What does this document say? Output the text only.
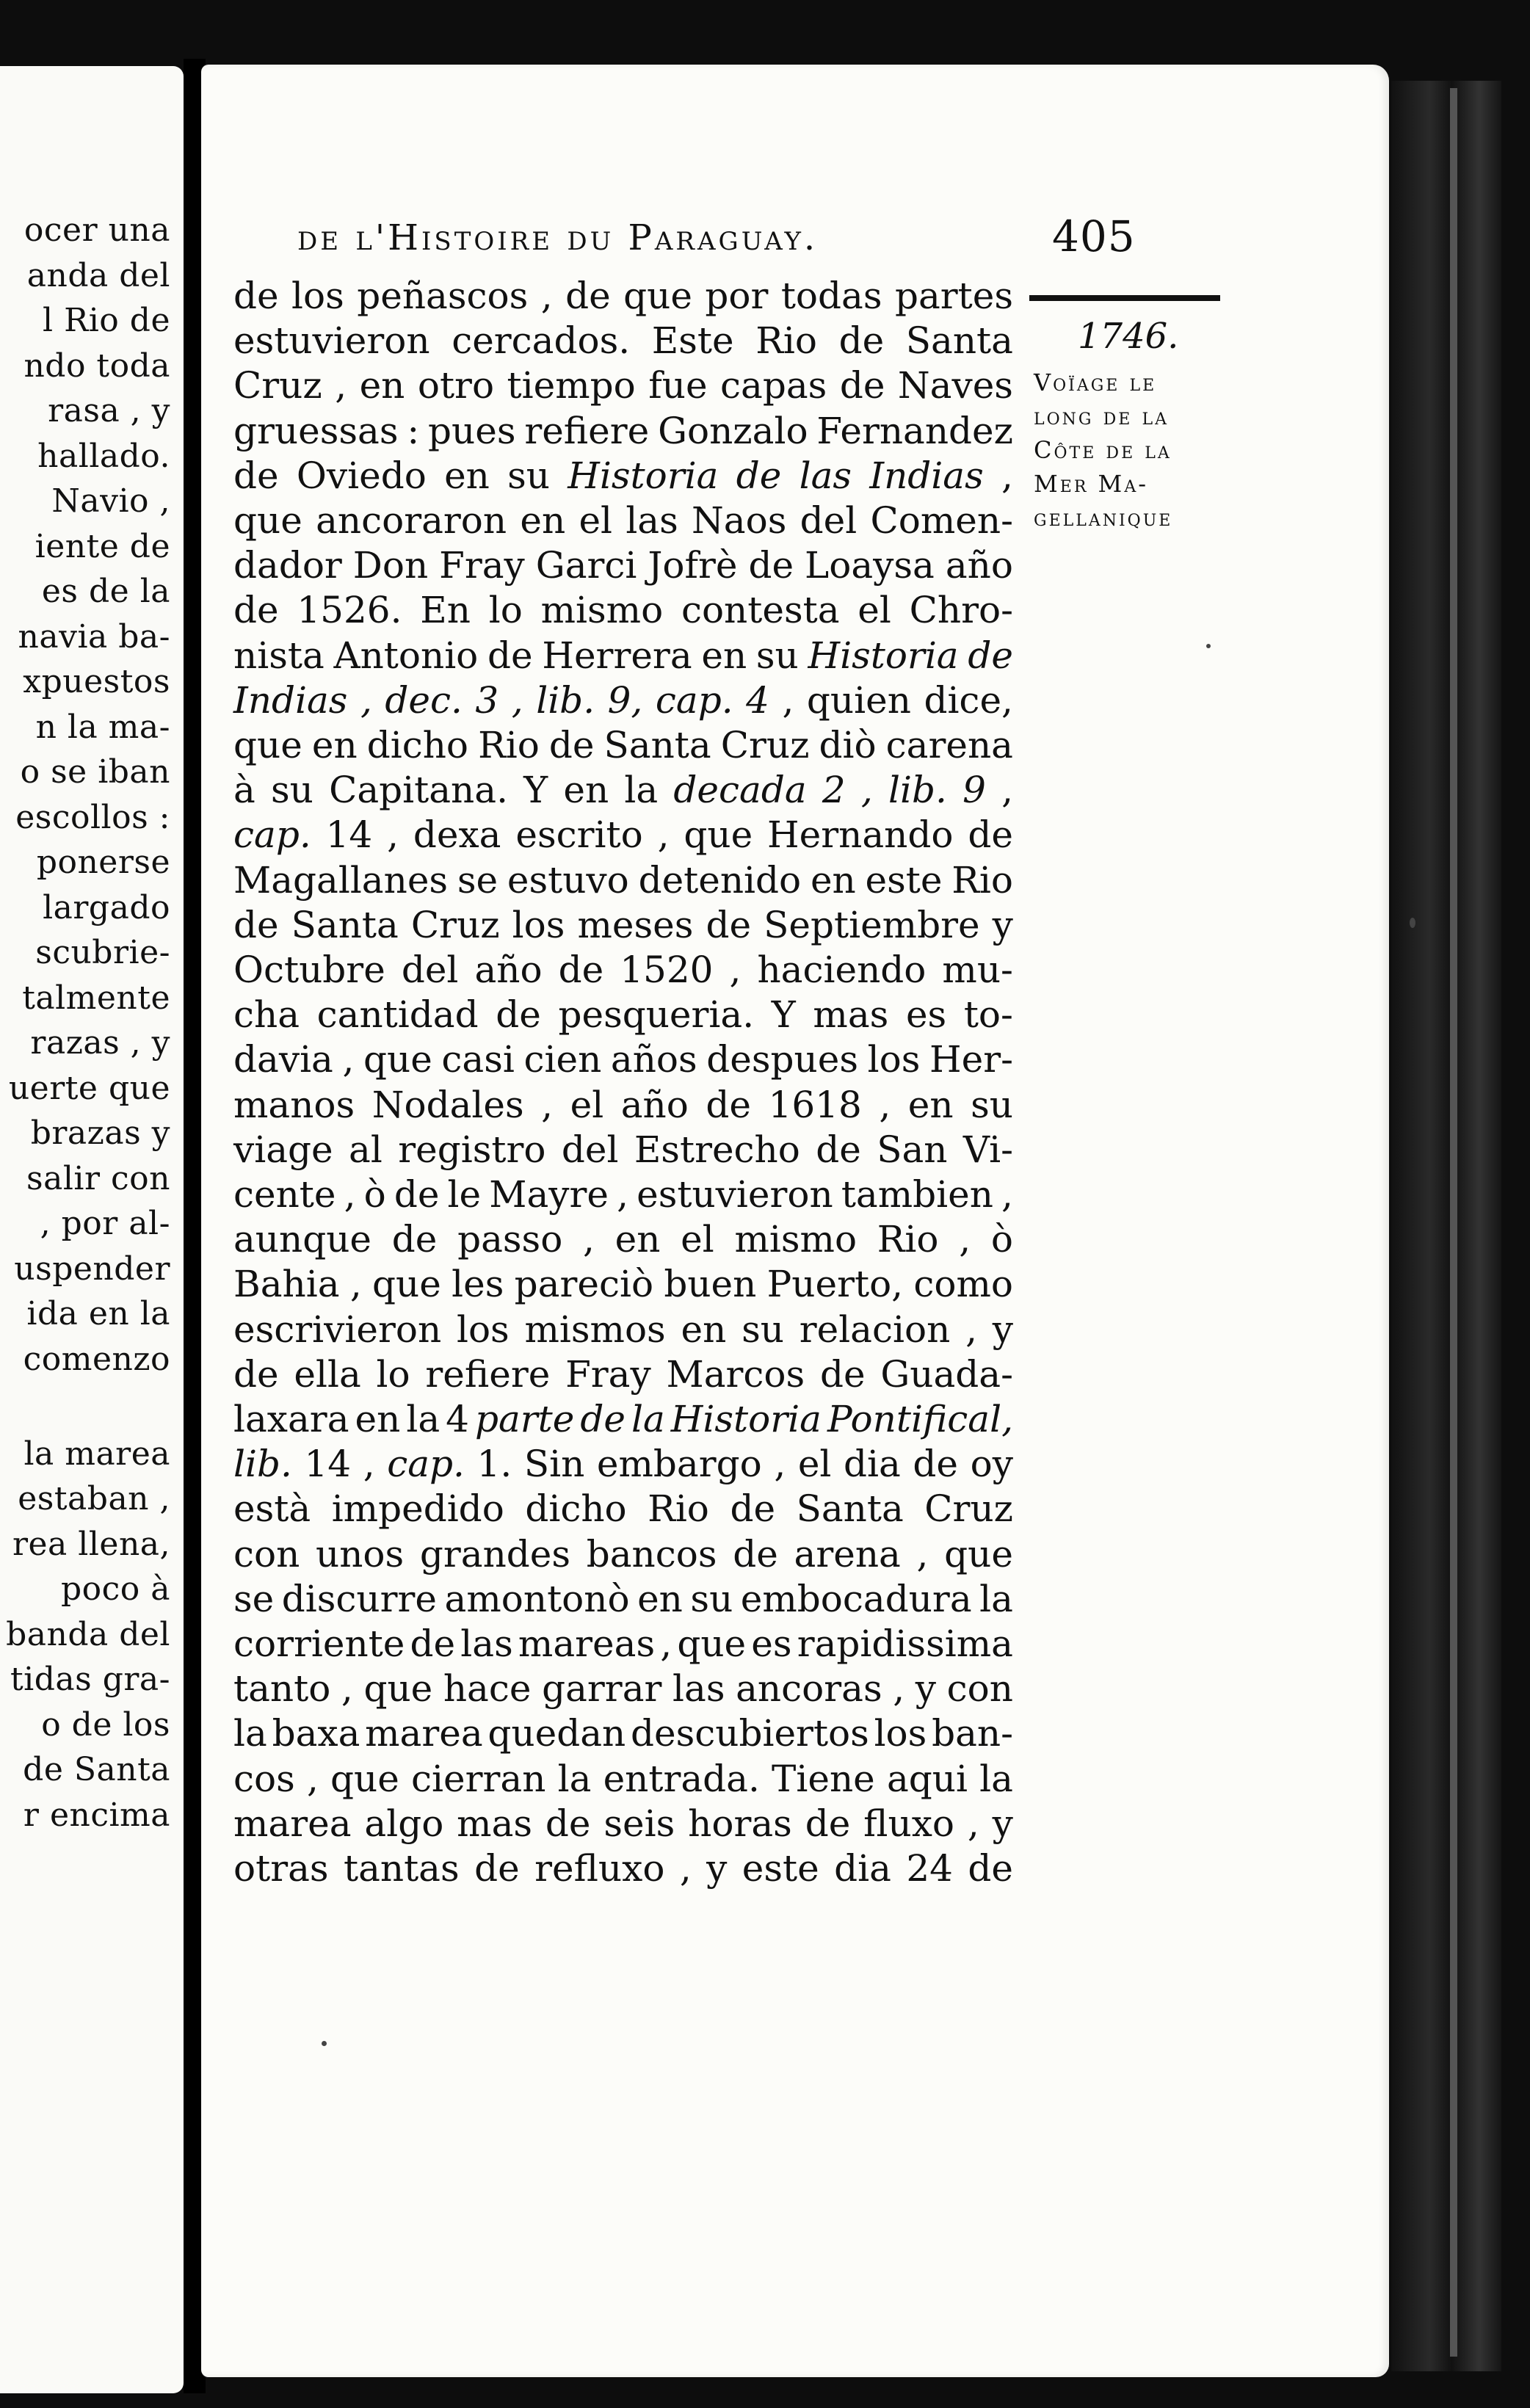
ocer una
anda del
l Rio de
ndo toda
rasa , y
hallado.
Navio ,
iente de
es de la
navia ba-
xpuestos
n la ma-
o se iban
escollos :
ponerse
largado
scubrie-
talmente
razas , y
uerte que
brazas y
salir con
, por al-
uspender
ida en la
comenzo
la marea
estaban ,
rea llena,
poco à
banda del
tidas gra-
o de los
de Santa
r encima
de l'Histoire du Paraguay.	405
1746.
Voïage le
long de la
Côte de la
Mer Ma-
gellanique
de los peñascos , de que por todas partes
estuvieron cercados. Este Rio de Santa
Cruz , en otro tiempo fue capas de Naves
gruessas : pues refiere Gonzalo Fernandez
de Oviedo en su Historia de las Indias ,
que ancoraron en el las Naos del Comen-
dador Don Fray Garci Jofrè de Loaysa año
de 1526. En lo mismo contesta el Chro-
nista Antonio de Herrera en su Historia de
Indias , dec. 3 , lib. 9, cap. 4 , quien dice,
que en dicho Rio de Santa Cruz diò carena
à su Capitana. Y en la decada 2 , lib. 9 ,
cap. 14 , dexa escrito , que Hernando de
Magallanes se estuvo detenido en este Rio
de Santa Cruz los meses de Septiembre y
Octubre del año de 1520 , haciendo mu-
cha cantidad de pesqueria. Y mas es to-
davia , que casi cien años despues los Her-
manos Nodales , el año de 1618 , en su
viage al registro del Estrecho de San Vi-
cente , ò de le Mayre , estuvieron tambien ,
aunque de passo , en el mismo Rio , ò
Bahia , que les pareciò buen Puerto, como
escrivieron los mismos en su relacion , y
de ella lo refiere Fray Marcos de Guada-
laxara en la 4 parte de la Historia Pontifical,
lib. 14 , cap. 1. Sin embargo , el dia de oy
està impedido dicho Rio de Santa Cruz
con unos grandes bancos de arena , que
se discurre amontonò en su embocadura la
corriente de las mareas , que es rapidissima
tanto , que hace garrar las ancoras , y con
la baxa marea quedan descubiertos los ban-
cos , que cierran la entrada. Tiene aqui la
marea algo mas de seis horas de fluxo , y
otras tantas de refluxo , y este dia 24 de
